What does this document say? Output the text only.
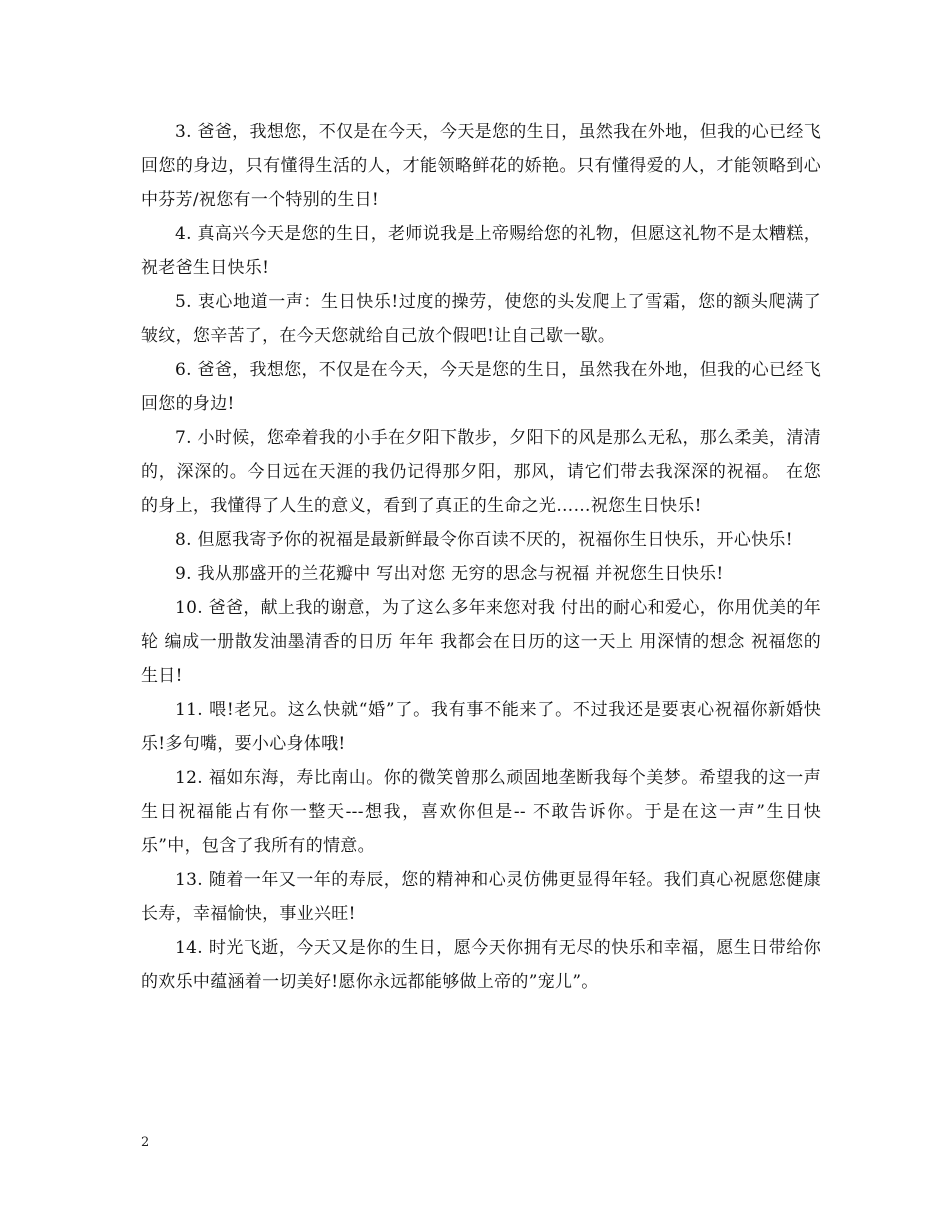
3. 爸爸，我想您，不仅是在今天，今天是您的生日，虽然我在外地，但我的心已经飞回您的身边，只有懂得生活的人，才能领略鲜花的娇艳。只有懂得爱的人，才能领略到心中芬芳/祝您有一个特别的生日!

4. 真高兴今天是您的生日，老师说我是上帝赐给您的礼物，但愿这礼物不是太糟糕，祝老爸生日快乐!

5. 衷心地道一声：生日快乐!过度的操劳，使您的头发爬上了雪霜，您的额头爬满了皱纹，您辛苦了，在今天您就给自己放个假吧!让自己歇一歇。

6. 爸爸，我想您，不仅是在今天，今天是您的生日，虽然我在外地，但我的心已经飞回您的身边!

7. 小时候，您牵着我的小手在夕阳下散步，夕阳下的风是那么无私，那么柔美，清清的，深深的。今日远在天涯的我仍记得那夕阳，那风，请它们带去我深深的祝福。 在您的身上，我懂得了人生的意义，看到了真正的生命之光……祝您生日快乐!

8. 但愿我寄予你的祝福是最新鲜最令你百读不厌的，祝福你生日快乐，开心快乐!

9. 我从那盛开的兰花瓣中 写出对您 无穷的思念与祝福 并祝您生日快乐!

10. 爸爸，献上我的谢意，为了这么多年来您对我 付出的耐心和爱心，你用优美的年轮 编成一册散发油墨清香的日历 年年 我都会在日历的这一天上 用深情的想念 祝福您的生日!

11. 喂!老兄。这么快就“婚”了。我有事不能来了。不过我还是要衷心祝福你新婚快乐!多句嘴，要小心身体哦!

12. 福如东海，寿比南山。你的微笑曾那么顽固地垄断我每个美梦。希望我的这一声生日祝福能占有你一整天---想我，喜欢你但是-- 不敢告诉你。于是在这一声”生日快乐”中，包含了我所有的情意。

13. 随着一年又一年的寿辰，您的精神和心灵仿佛更显得年轻。我们真心祝愿您健康长寿，幸福愉快，事业兴旺!

14. 时光飞逝，今天又是你的生日，愿今天你拥有无尽的快乐和幸福，愿生日带给你的欢乐中蕴涵着一切美好!愿你永远都能够做上帝的”宠儿”。

2
